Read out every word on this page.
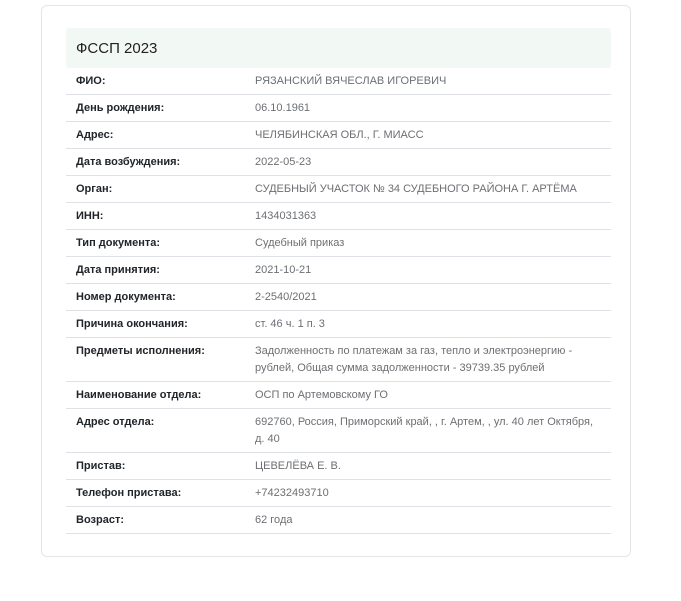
ФССП 2023
ФИО:	РЯЗАНСКИЙ ВЯЧЕСЛАВ ИГОРЕВИЧ
День рождения:	06.10.1961
Адрес:	ЧЕЛЯБИНСКАЯ ОБЛ., Г. МИАСС
Дата возбуждения:	2022-05-23
Орган:	СУДЕБНЫЙ УЧАСТОК № 34 СУДЕБНОГО РАЙОНА Г. АРТЁМА
ИНН:	1434031363
Тип документа:	Судебный приказ
Дата принятия:	2021-10-21
Номер документа:	2-2540/2021
Причина окончания:	ст. 46 ч. 1 п. 3
Предметы исполнения:	Задолженность по платежам за газ, тепло и электроэнергию - рублей, Общая сумма задолженности - 39739.35 рублей
Наименование отдела:	ОСП по Артемовскому ГО
Адрес отдела:	692760, Россия, Приморский край, , г. Артем, , ул. 40 лет Октября, д. 40
Пристав:	ЦЕВЕЛЁВА Е. В.
Телефон пристава:	+74232493710
Возраст:	62 года
